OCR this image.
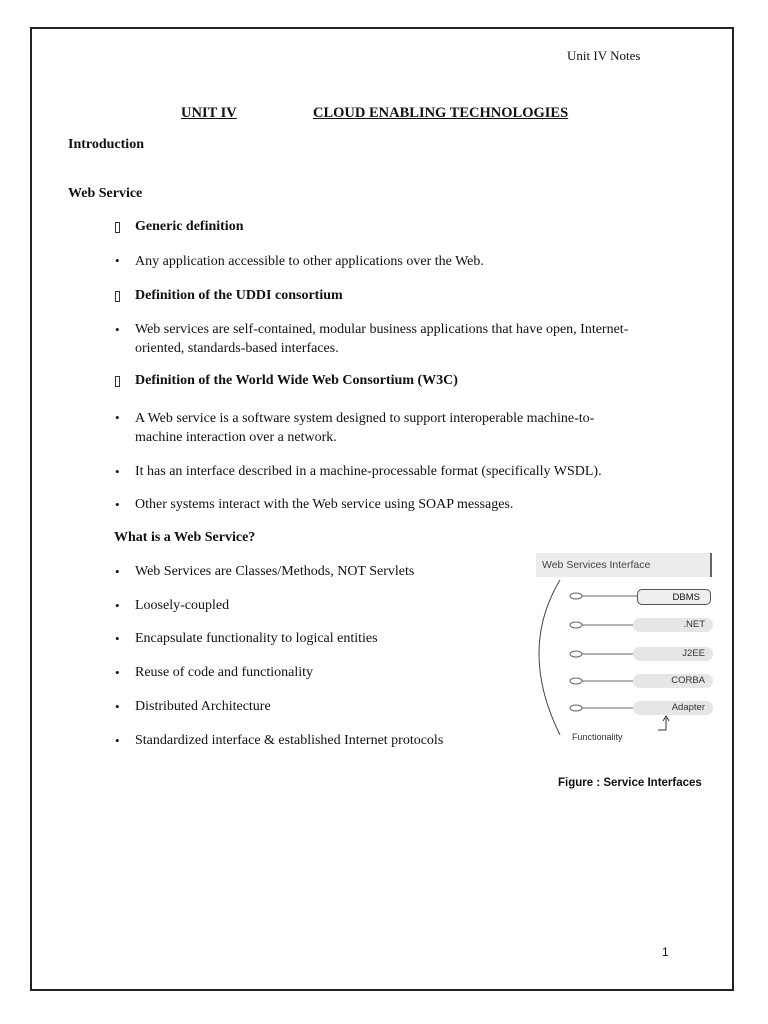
Unit IV Notes
UNIT IV	CLOUD ENABLING TECHNOLOGIES
Introduction
Web Service
Generic definition
• Any application accessible to other applications over the Web.
Definition of the UDDI consortium
• Web services are self-contained, modular business applications that have open, Internet-
oriented, standards-based interfaces.
Definition of the World Wide Web Consortium (W3C)
• A Web service is a software system designed to support interoperable machine-to-
machine interaction over a network.
• It has an interface described in a machine-processable format (specifically WSDL).
• Other systems interact with the Web service using SOAP messages.
What is a Web Service?
• Web Services are Classes/Methods, NOT Servlets
• Loosely-coupled
• Encapsulate functionality to logical entities
• Reuse of code and functionality
• Distributed Architecture
• Standardized interface & established Internet protocols
Web Services Interface
DBMS
.NET
J2EE
CORBA
Adapter
Functionality
Figure : Service Interfaces
1
